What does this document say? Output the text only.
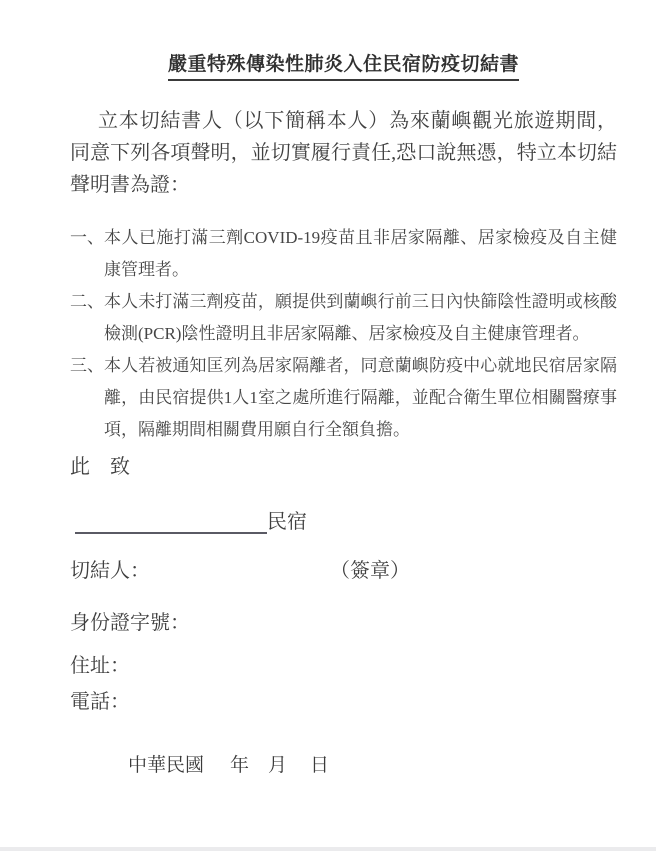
嚴重特殊傳染性肺炎入住民宿防疫切結書

立本切結書人（以下簡稱本人）為來蘭嶼觀光旅遊期間，同意下列各項聲明，並切實履行責任,恐口說無憑，特立本切結聲明書為證：

一、 本人已施打滿三劑COVID-19疫苗且非居家隔離、居家檢疫及自主健康管理者。
二、 本人未打滿三劑疫苗，願提供到蘭嶼行前三日內快篩陰性證明或核酸檢測(PCR)陰性證明且非居家隔離、居家檢疫及自主健康管理者。
三、 本人若被通知匡列為居家隔離者，同意蘭嶼防疫中心就地民宿居家隔離，由民宿提供1人1室之處所進行隔離，並配合衛生單位相關醫療事項，隔離期間相關費用願自行全額負擔。
此　致
民宿
切結人：	（簽章）
身份證字號：
住址：
電話：
中華民國 年 月 日
